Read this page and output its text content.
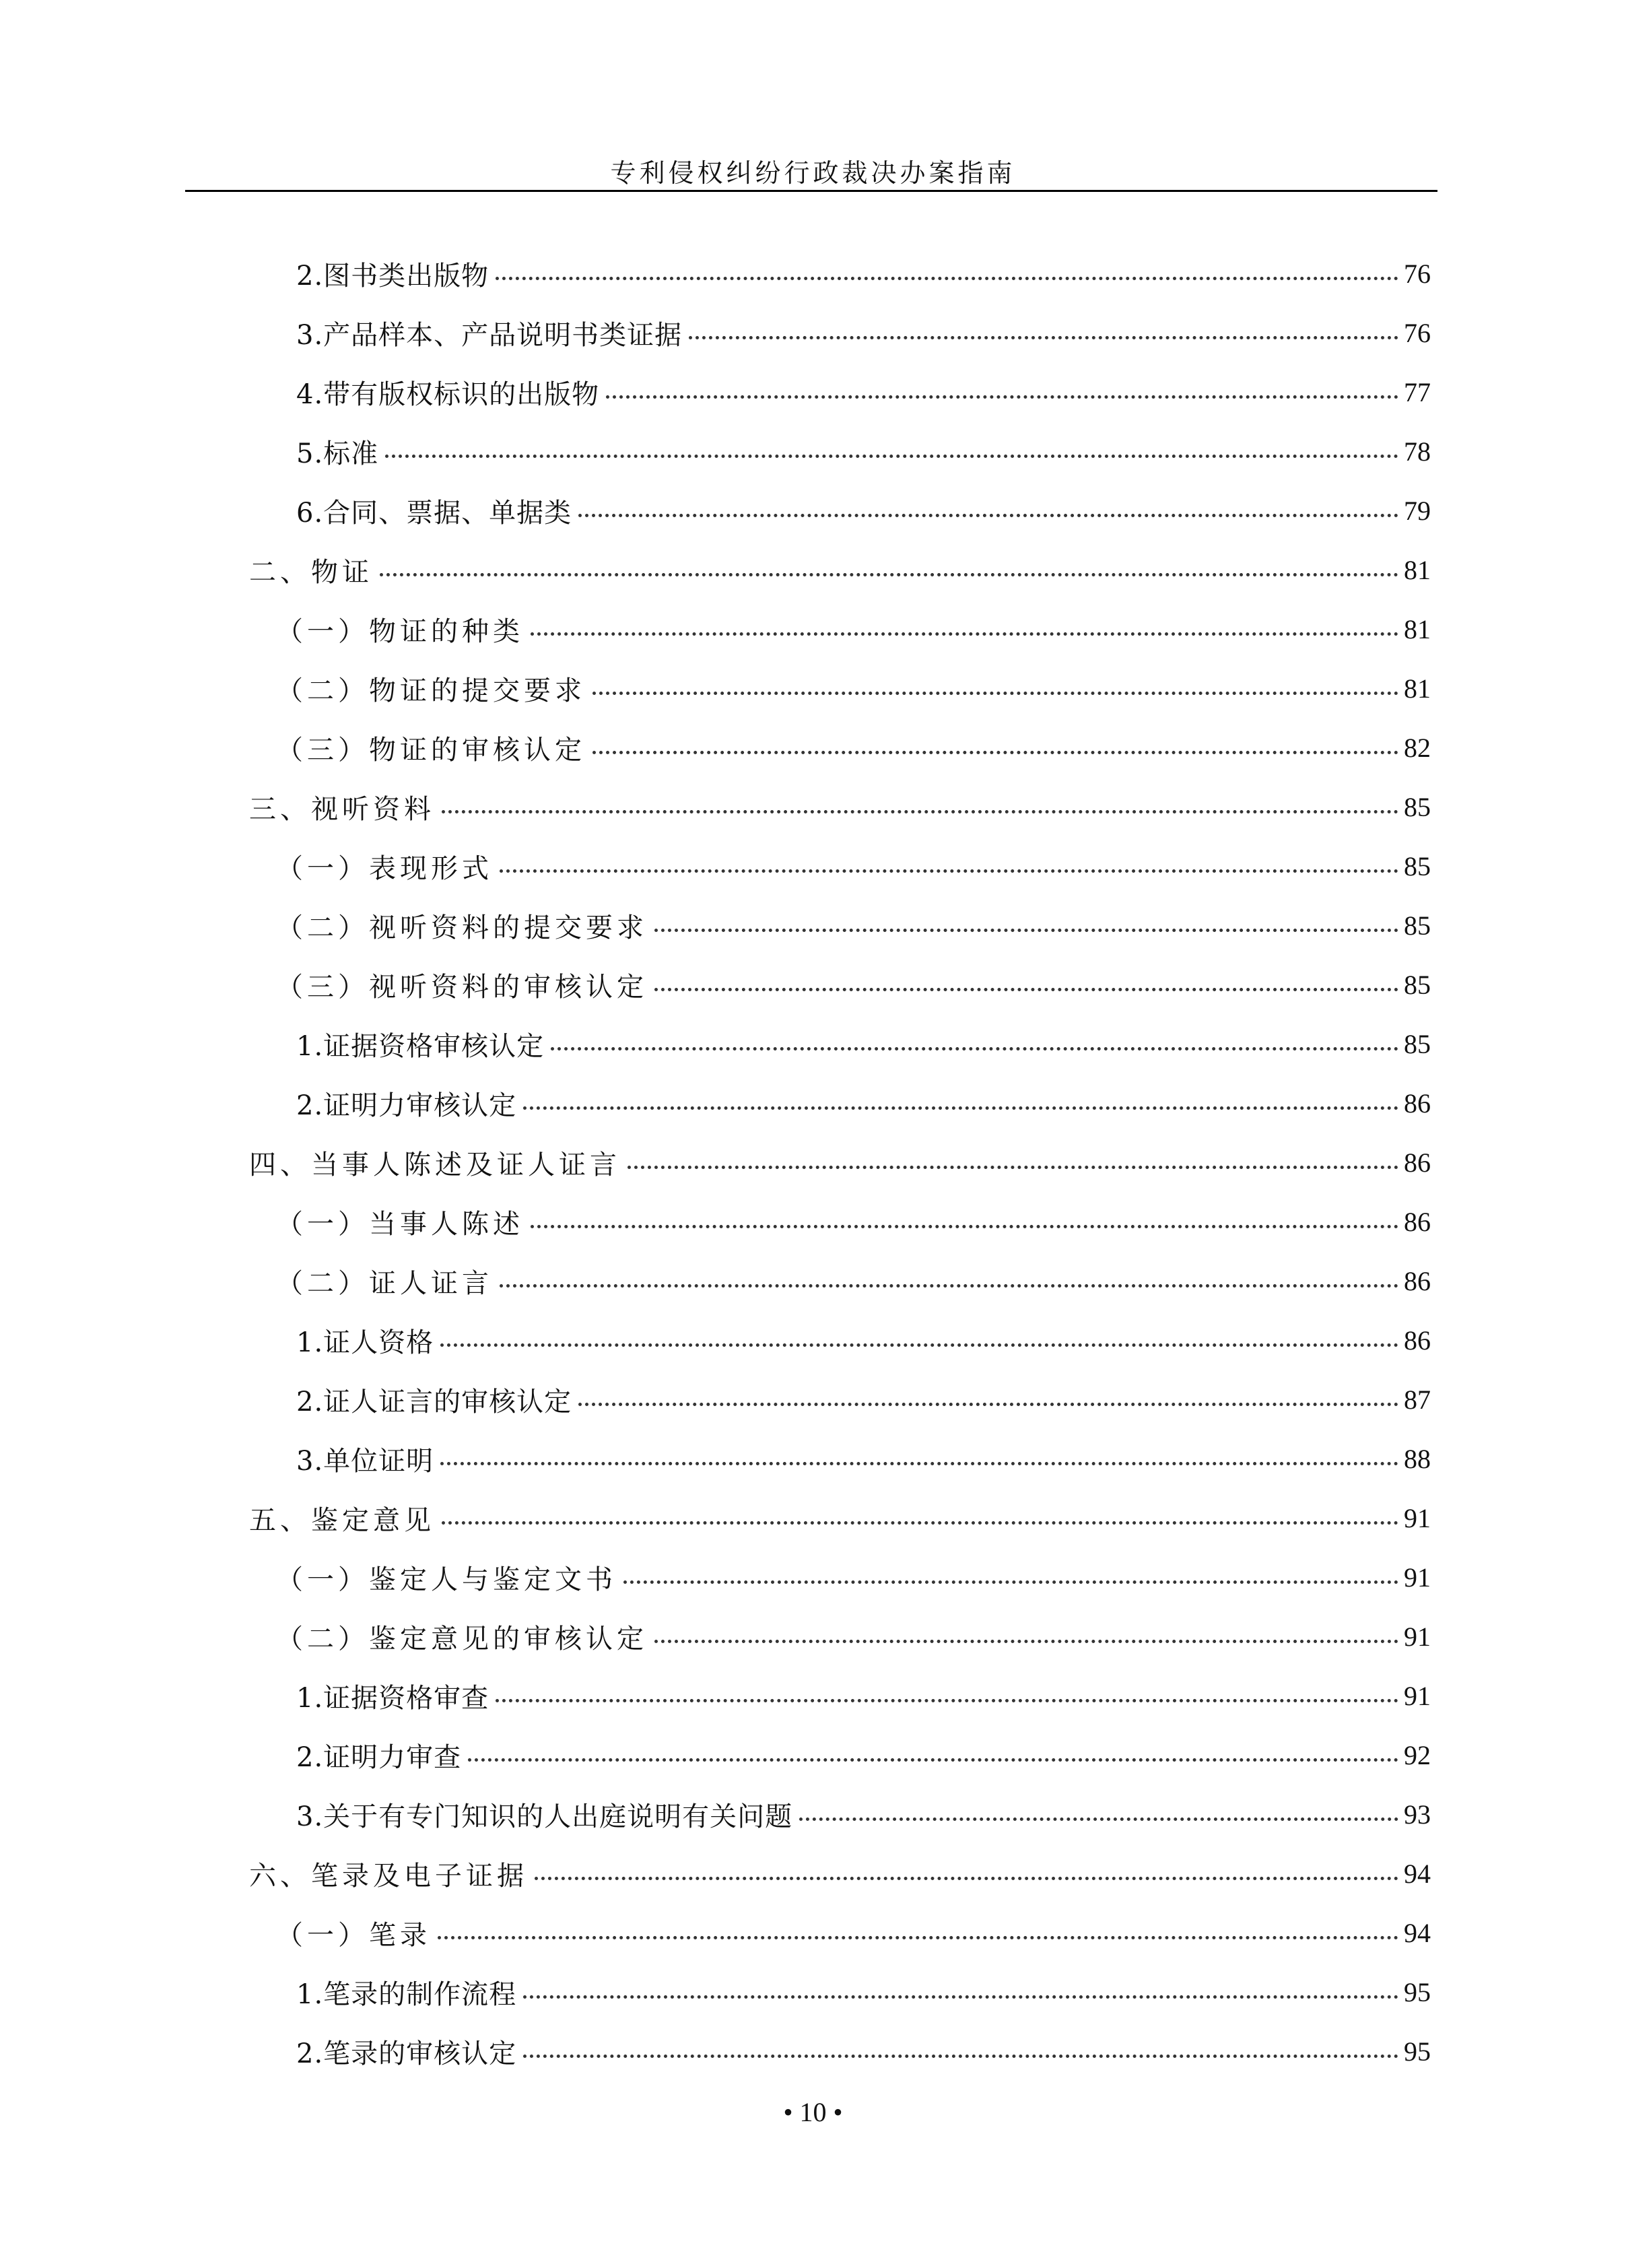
专利侵权纠纷行政裁决办案指南
2.图书类出版物	76
3.产品样本、产品说明书类证据	76
4.带有版权标识的出版物	77
5.标准	78
6.合同、票据、单据类	79
二、物证	81
（一）物证的种类	81
（二）物证的提交要求	81
（三）物证的审核认定	82
三、视听资料	85
（一）表现形式	85
（二）视听资料的提交要求	85
（三）视听资料的审核认定	85
1.证据资格审核认定	85
2.证明力审核认定	86
四、当事人陈述及证人证言	86
（一）当事人陈述	86
（二）证人证言	86
1.证人资格	86
2.证人证言的审核认定	87
3.单位证明	88
五、鉴定意见	91
（一）鉴定人与鉴定文书	91
（二）鉴定意见的审核认定	91
1.证据资格审查	91
2.证明力审查	92
3.关于有专门知识的人出庭说明有关问题	93
六、笔录及电子证据	94
（一）笔录	94
1.笔录的制作流程	95
2.笔录的审核认定	95
• 10 •
